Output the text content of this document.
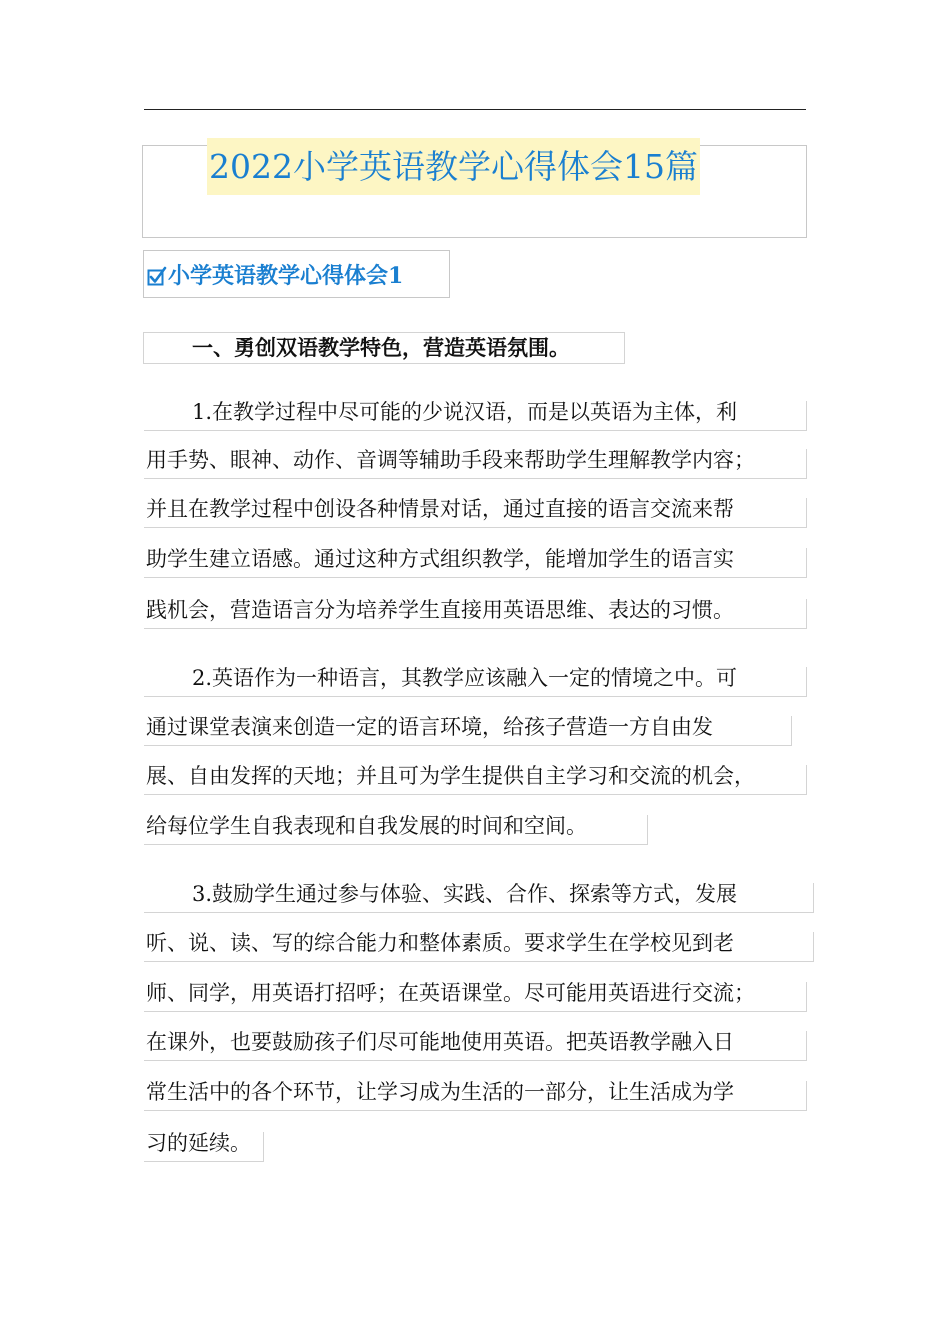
2022小学英语教学心得体会15篇
小学英语教学心得体会1
一、勇创双语教学特色，营造英语氛围。
1.在教学过程中尽可能的少说汉语，而是以英语为主体，利
用手势、眼神、动作、音调等辅助手段来帮助学生理解教学内容；
并且在教学过程中创设各种情景对话，通过直接的语言交流来帮
助学生建立语感。通过这种方式组织教学，能增加学生的语言实
践机会，营造语言分为培养学生直接用英语思维、表达的习惯。
2.英语作为一种语言，其教学应该融入一定的情境之中。可
通过课堂表演来创造一定的语言环境，给孩子营造一方自由发
展、自由发挥的天地；并且可为学生提供自主学习和交流的机会，
给每位学生自我表现和自我发展的时间和空间。
3.鼓励学生通过参与体验、实践、合作、探索等方式，发展
听、说、读、写的综合能力和整体素质。要求学生在学校见到老
师、同学，用英语打招呼；在英语课堂。尽可能用英语进行交流；
在课外，也要鼓励孩子们尽可能地使用英语。把英语教学融入日
常生活中的各个环节，让学习成为生活的一部分，让生活成为学
习的延续。
